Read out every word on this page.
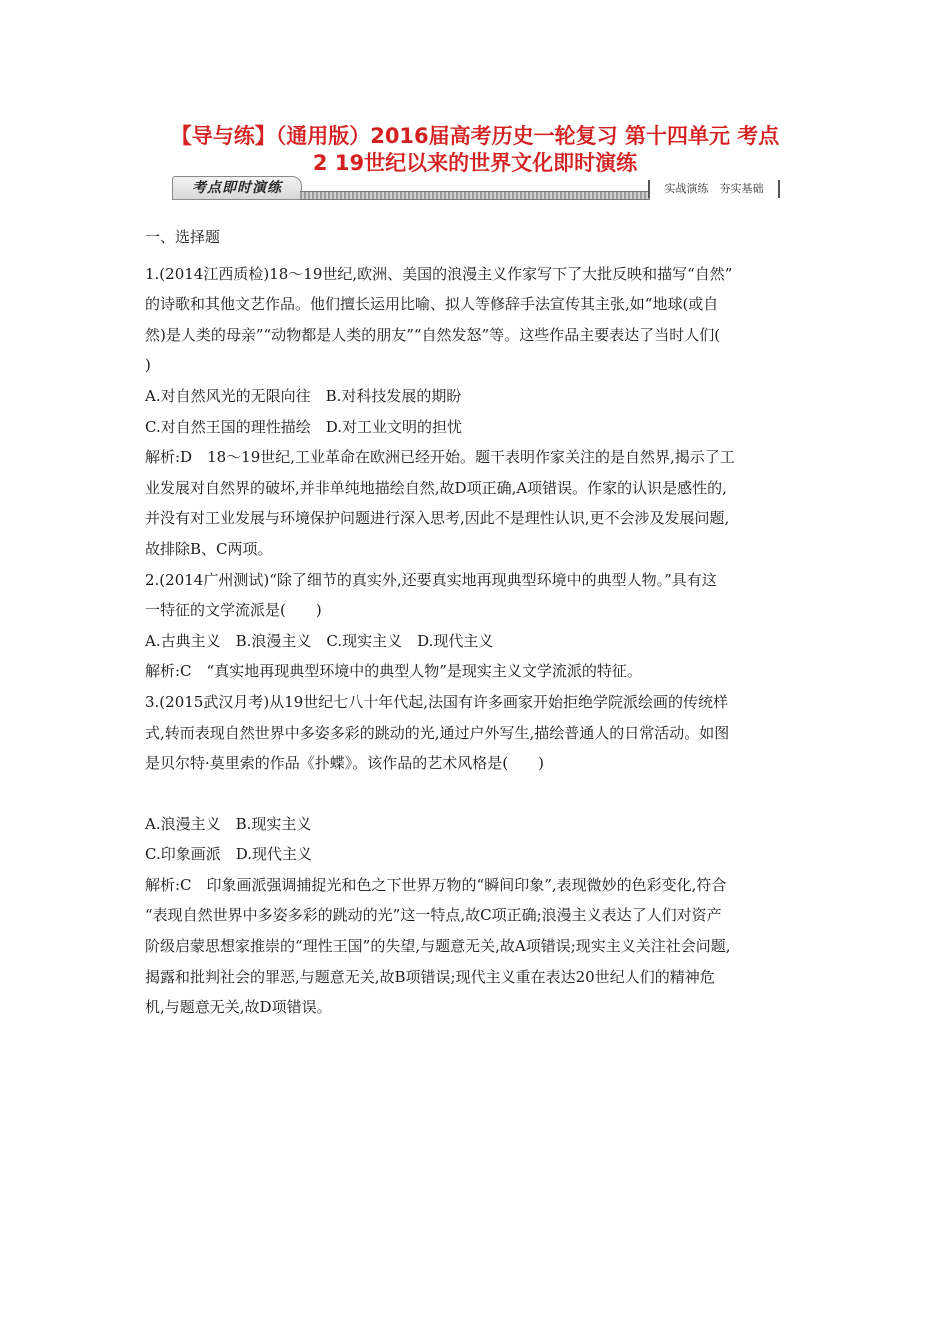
【导与练】（通用版）2016届高考历史一轮复习 第十四单元 考点
2 19世纪以来的世界文化即时演练
考点即时演练	实战演练　夯实基础

一、选择题

1.(2014江西质检)18～19世纪,欧洲、美国的浪漫主义作家写下了大批反映和描写“自然”

的诗歌和其他文艺作品。他们擅长运用比喻、拟人等修辞手法宣传其主张,如“地球(或自

然)是人类的母亲”“动物都是人类的朋友”“自然发怒”等。这些作品主要表达了当时人们(

)

A.对自然风光的无限向往　B.对科技发展的期盼

C.对自然王国的理性描绘　D.对工业文明的担忧

解析:D　18～19世纪,工业革命在欧洲已经开始。题干表明作家关注的是自然界,揭示了工

业发展对自然界的破坏,并非单纯地描绘自然,故D项正确,A项错误。作家的认识是感性的,

并没有对工业发展与环境保护问题进行深入思考,因此不是理性认识,更不会涉及发展问题,

故排除B、C两项。

2.(2014广州测试)“除了细节的真实外,还要真实地再现典型环境中的典型人物。”具有这

一特征的文学流派是(　　)

A.古典主义　B.浪漫主义　C.现实主义　D.现代主义

解析:C　“真实地再现典型环境中的典型人物”是现实主义文学流派的特征。

3.(2015武汉月考)从19世纪七八十年代起,法国有许多画家开始拒绝学院派绘画的传统样

式,转而表现自然世界中多姿多彩的跳动的光,通过户外写生,描绘普通人的日常活动。如图

是贝尔特·莫里索的作品《扑蝶》。该作品的艺术风格是(　　)

A.浪漫主义　B.现实主义

C.印象画派　D.现代主义

解析:C　印象画派强调捕捉光和色之下世界万物的“瞬间印象”,表现微妙的色彩变化,符合

“表现自然世界中多姿多彩的跳动的光”这一特点,故C项正确;浪漫主义表达了人们对资产

阶级启蒙思想家推崇的“理性王国”的失望,与题意无关,故A项错误;现实主义关注社会问题,

揭露和批判社会的罪恶,与题意无关,故B项错误;现代主义重在表达20世纪人们的精神危

机,与题意无关,故D项错误。
